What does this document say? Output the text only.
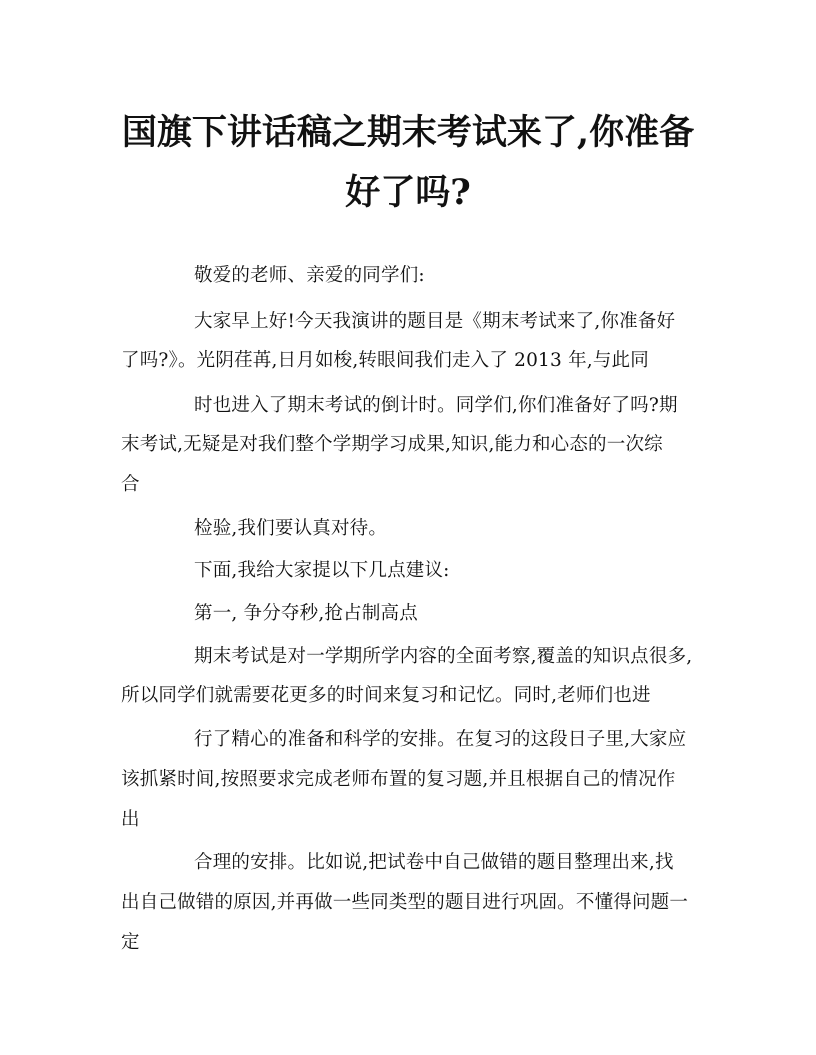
国旗下讲话稿之期末考试来了,你准备
好了吗?
敬爱的老师、亲爱的同学们:
大家早上好!今天我演讲的题目是《期末考试来了,你准备好
了吗?》。光阴荏苒,日月如梭,转眼间我们走入了 2013 年,与此同
时也进入了期末考试的倒计时。同学们,你们准备好了吗?期
末考试,无疑是对我们整个学期学习成果,知识,能力和心态的一次综
合
检验,我们要认真对待。
下面,我给大家提以下几点建议:
第一, 争分夺秒,抢占制高点
期末考试是对一学期所学内容的全面考察,覆盖的知识点很多,
所以同学们就需要花更多的时间来复习和记忆。同时,老师们也进
行了精心的准备和科学的安排。在复习的这段日子里,大家应
该抓紧时间,按照要求完成老师布置的复习题,并且根据自己的情况作
出
合理的安排。比如说,把试卷中自己做错的题目整理出来,找
出自己做错的原因,并再做一些同类型的题目进行巩固。不懂得问题一
定
